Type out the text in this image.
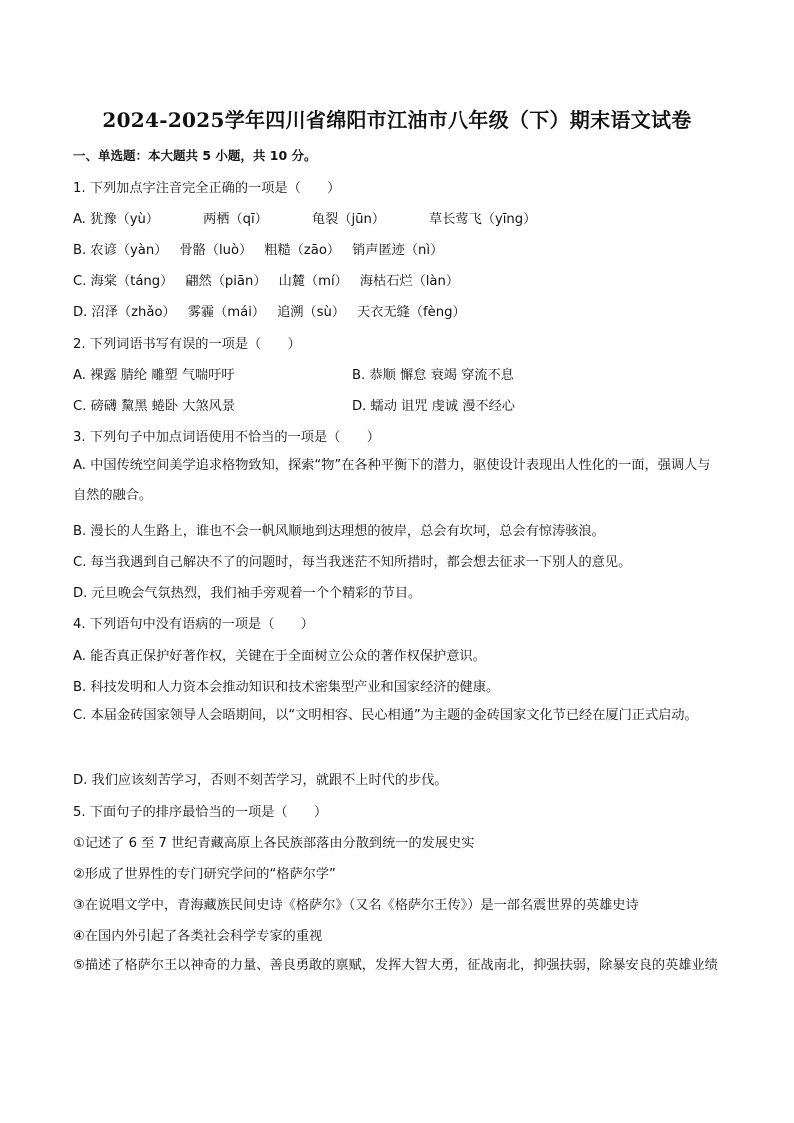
2024-2025学年四川省绵阳市江油市八年级（下）期末语文试卷
一、单选题：本大题共 5 小题，共 10 分。
1. 下列加点字注音完全正确的一项是（　　）
A. 犹豫（yù）	两栖（qī）	龟裂（jūn）	草长莺飞（yīng）
B. 农谚（yàn） 骨骼（luò） 粗糙（zāo） 销声匿迹（nì）
C. 海棠（táng） 翩然（piān） 山麓（mí） 海枯石烂（làn）
D. 沼泽（zhǎo） 雾霾（mái） 追溯（sù） 天衣无缝（fèng）
2. 下列词语书写有误的一项是（　　）
A. 裸露 腈纶 雕塑 气喘吁吁	B. 恭顺 懈怠 衰竭 穿流不息
C. 磅礴 黧黑 蜷卧 大煞风景	D. 蠕动 诅咒 虔诚 漫不经心
3. 下列句子中加点词语使用不恰当的一项是（　　）
A. 中国传统空间美学追求格物致知，探索“物”在各种平衡下的潜力，驱使设计表现出人性化的一面，强调人与自然的融合。
B. 漫长的人生路上，谁也不会一帆风顺地到达理想的彼岸，总会有坎坷，总会有惊涛骇浪。
C. 每当我遇到自己解决不了的问题时，每当我迷茫不知所措时，都会想去征求一下别人的意见。
D. 元旦晚会气氛热烈，我们袖手旁观着一个个精彩的节目。
4. 下列语句中没有语病的一项是（　　）
A. 能否真正保护好著作权，关键在于全面树立公众的著作权保护意识。
B. 科技发明和人力资本会推动知识和技术密集型产业和国家经济的健康。
C. 本届金砖国家领导人会晤期间，以“文明相容、民心相通”为主题的金砖国家文化节已经在厦门正式启动。
D. 我们应该刻苦学习，否则不刻苦学习，就跟不上时代的步伐。
5. 下面句子的排序最恰当的一项是（　　）
①记述了 6 至 7 世纪青藏高原上各民族部落由分散到统一的发展史实
②形成了世界性的专门研究学问的“格萨尔学”
③在说唱文学中，青海藏族民间史诗《格萨尔》（又名《格萨尔王传》）是一部名震世界的英雄史诗
④在国内外引起了各类社会科学专家的重视
⑤描述了格萨尔王以神奇的力量、善良勇敢的禀赋，发挥大智大勇，征战南北，抑强扶弱，除暴安良的英雄业绩
